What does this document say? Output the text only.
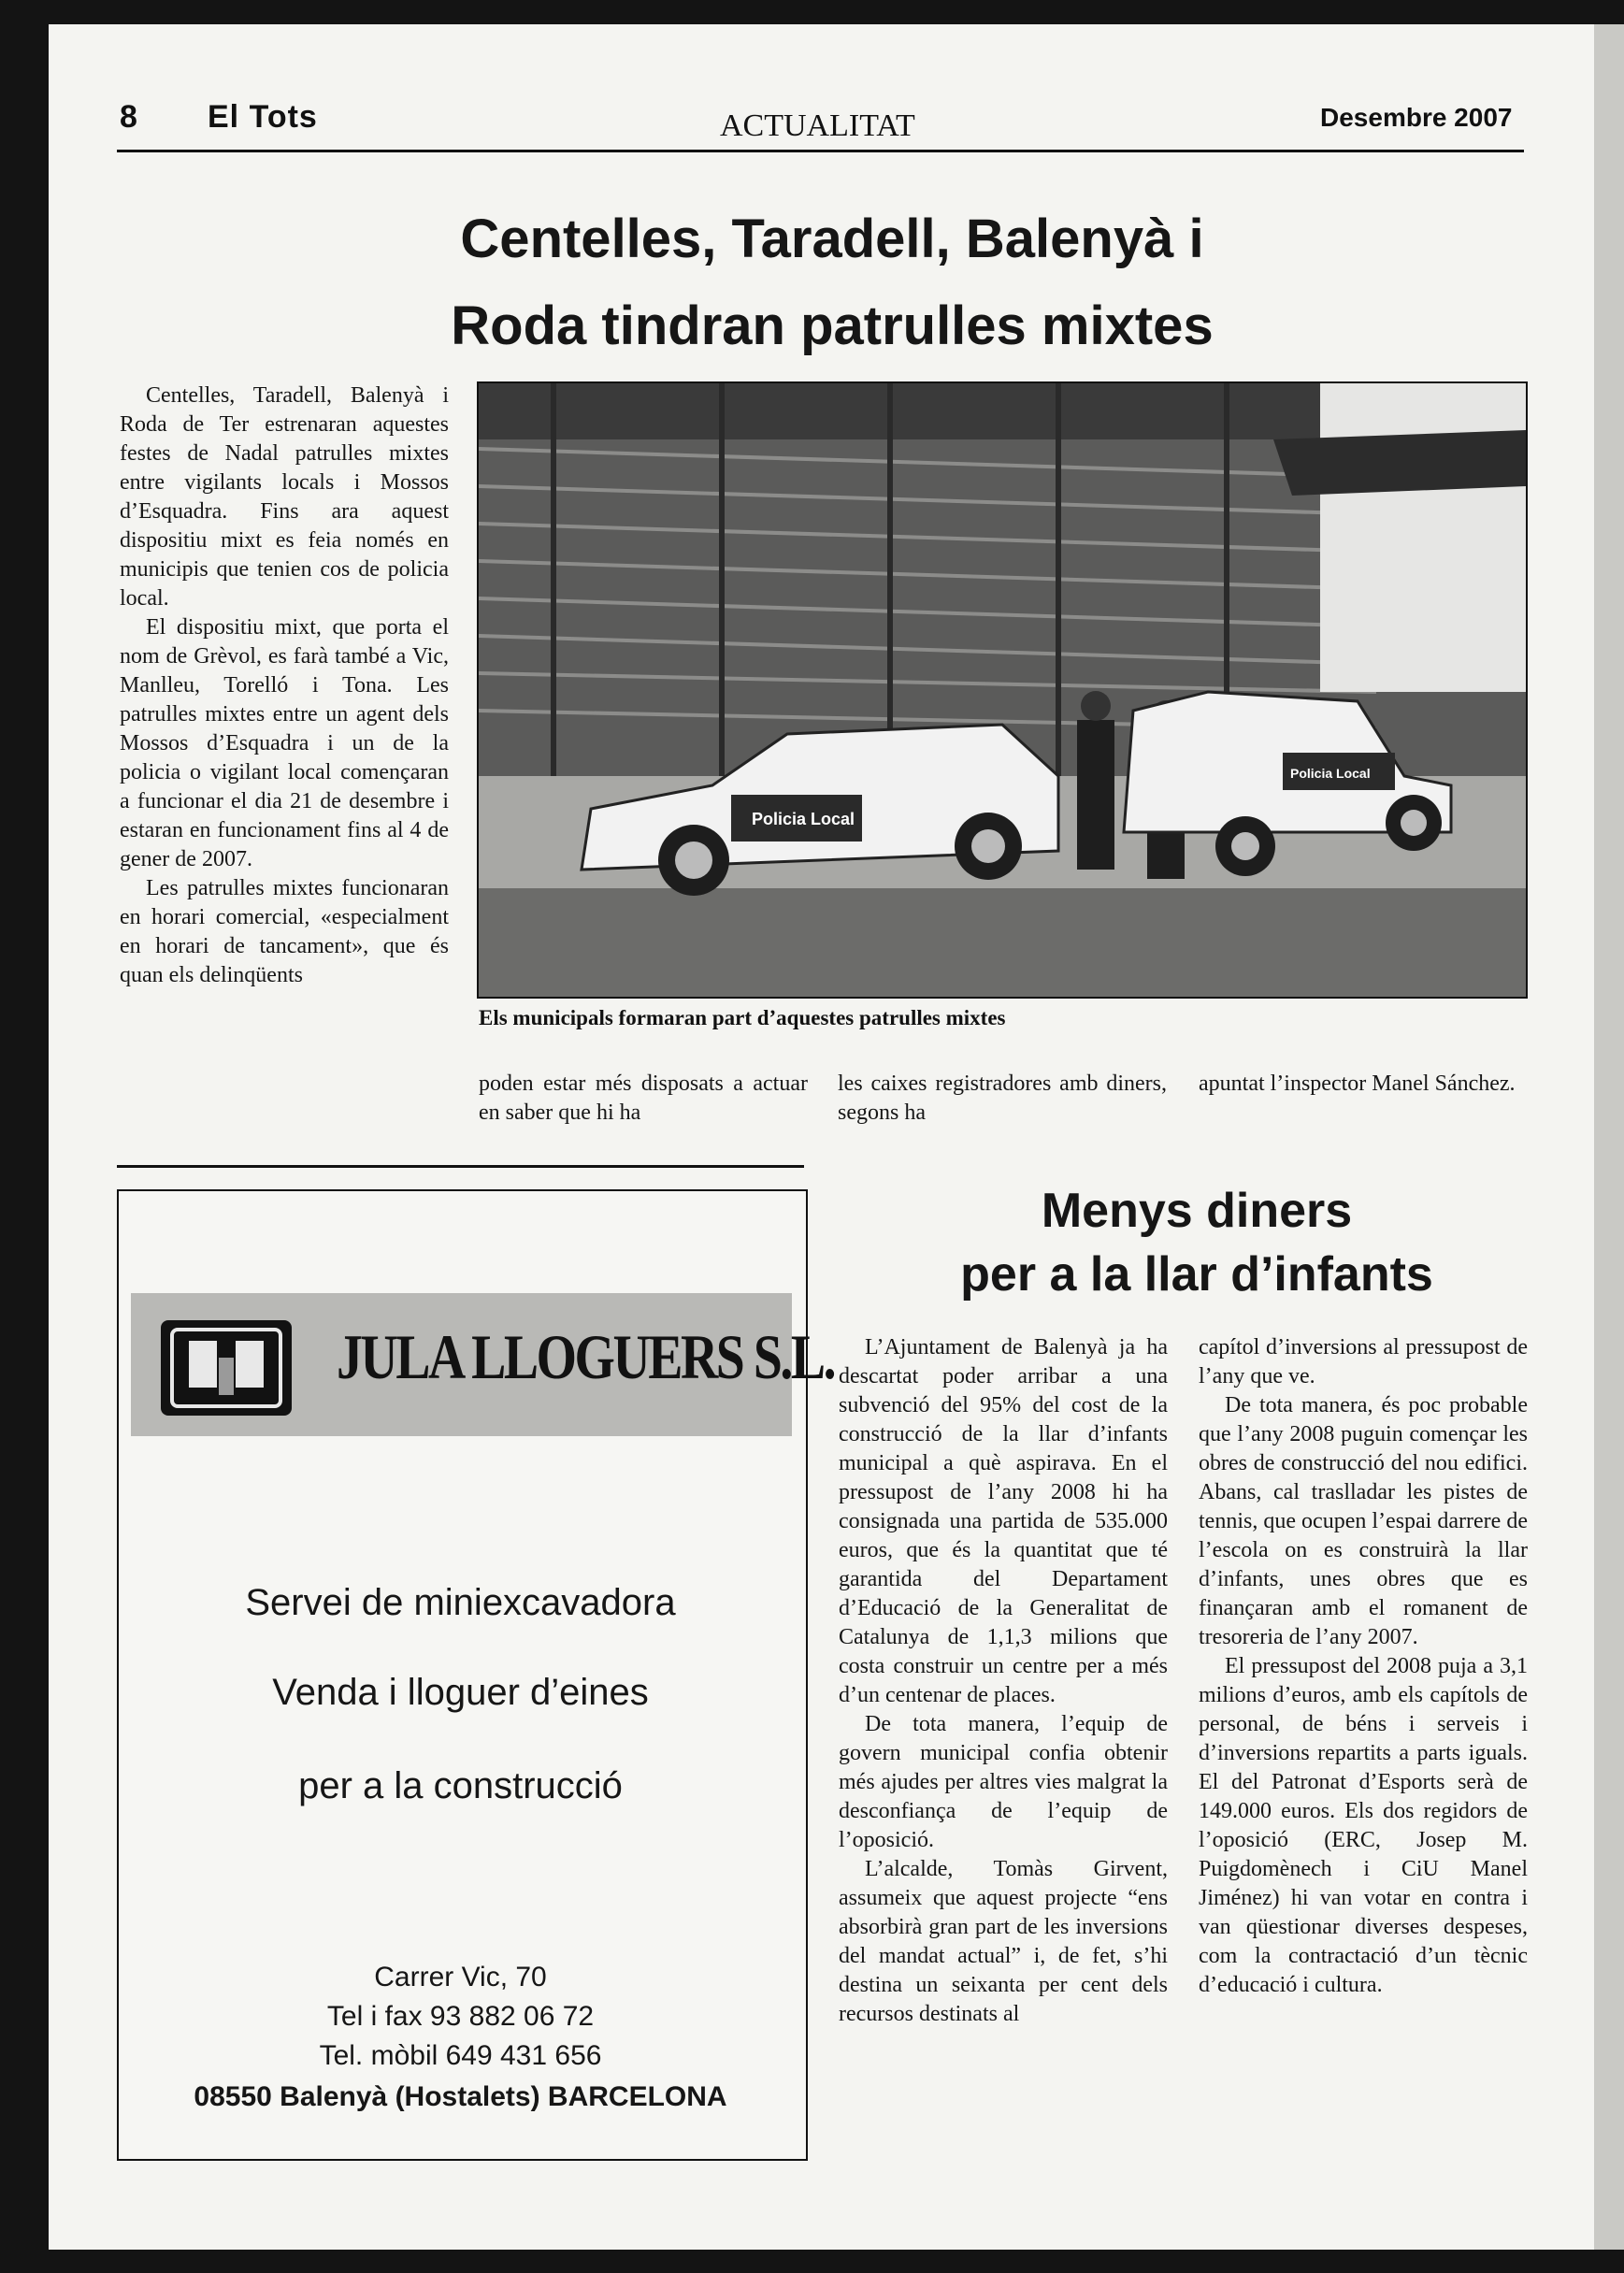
8 El Tots	ACTUALITAT	Desembre 2007
Centelles, Taradell, Balenyà i
Roda tindran patrulles mixtes

Centelles, Taradell, Balenyà i Roda de Ter estrenaran aquestes festes de Nadal patrulles mixtes entre vigilants locals i Mossos d’Esquadra. Fins ara aquest dispositiu mixt es feia només en municipis que tenien cos de policia local.

El dispositiu mixt, que porta el nom de Grèvol, es farà també a Vic, Manlleu, Torelló i Tona. Les patrulles mixtes entre un agent dels Mossos d’Esquadra i un de la policia o vigilant local començaran a funcionar el dia 21 de desembre i estaran en funcionament fins al 4 de gener de 2007.

Les patrulles mixtes funcionaran en horari comercial, «especialment en horari de tancament», que és quan els delinqüents

Policia Local
Policia Local
Els municipals formaran part d’aquestes patrulles mixtes

poden estar més disposats a actuar en saber que hi ha

les caixes registradores amb diners, segons ha

apuntat l’inspector Manel Sánchez.

JULA LLOGUERS S.L.
Servei de miniexcavadora
Venda i lloguer d’eines
per a la construcció
Carrer Vic, 70
Tel i fax 93 882 06 72
Tel. mòbil 649 431 656
08550 Balenyà (Hostalets) BARCELONA
Menys diners
per a la llar d’infants

L’Ajuntament de Balenyà ja ha descartat poder arribar a una subvenció del 95% del cost de la construcció de la llar d’infants municipal a què aspirava. En el pressupost de l’any 2008 hi ha consignada una partida de 535.000 euros, que és la quantitat que té garantida del Departament d’Educació de la Generalitat de Catalunya de 1,1,3 milions que costa construir un centre per a més d’un centenar de places.

De tota manera, l’equip de govern municipal confia obtenir més ajudes per altres vies malgrat la desconfiança de l’equip de l’oposició.

L’alcalde, Tomàs Girvent, assumeix que aquest projecte “ens absorbirà gran part de les inversions del mandat actual” i, de fet, s’hi destina un seixanta per cent dels recursos destinats al

capítol d’inversions al pressupost de l’any que ve.

De tota manera, és poc probable que l’any 2008 puguin començar les obres de construcció del nou edifici. Abans, cal traslladar les pistes de tennis, que ocupen l’espai darrere de l’escola on es construirà la llar d’infants, unes obres que es finançaran amb el romanent de tresoreria de l’any 2007.

El pressupost del 2008 puja a 3,1 milions d’euros, amb els capítols de personal, de béns i serveis i d’inversions repartits a parts iguals. El del Patronat d’Esports serà de 149.000 euros. Els dos regidors de l’oposició (ERC, Josep M. Puigdomènech i CiU Manel Jiménez) hi van votar en contra i van qüestionar diverses despeses, com la contractació d’un tècnic d’educació i cultura.
